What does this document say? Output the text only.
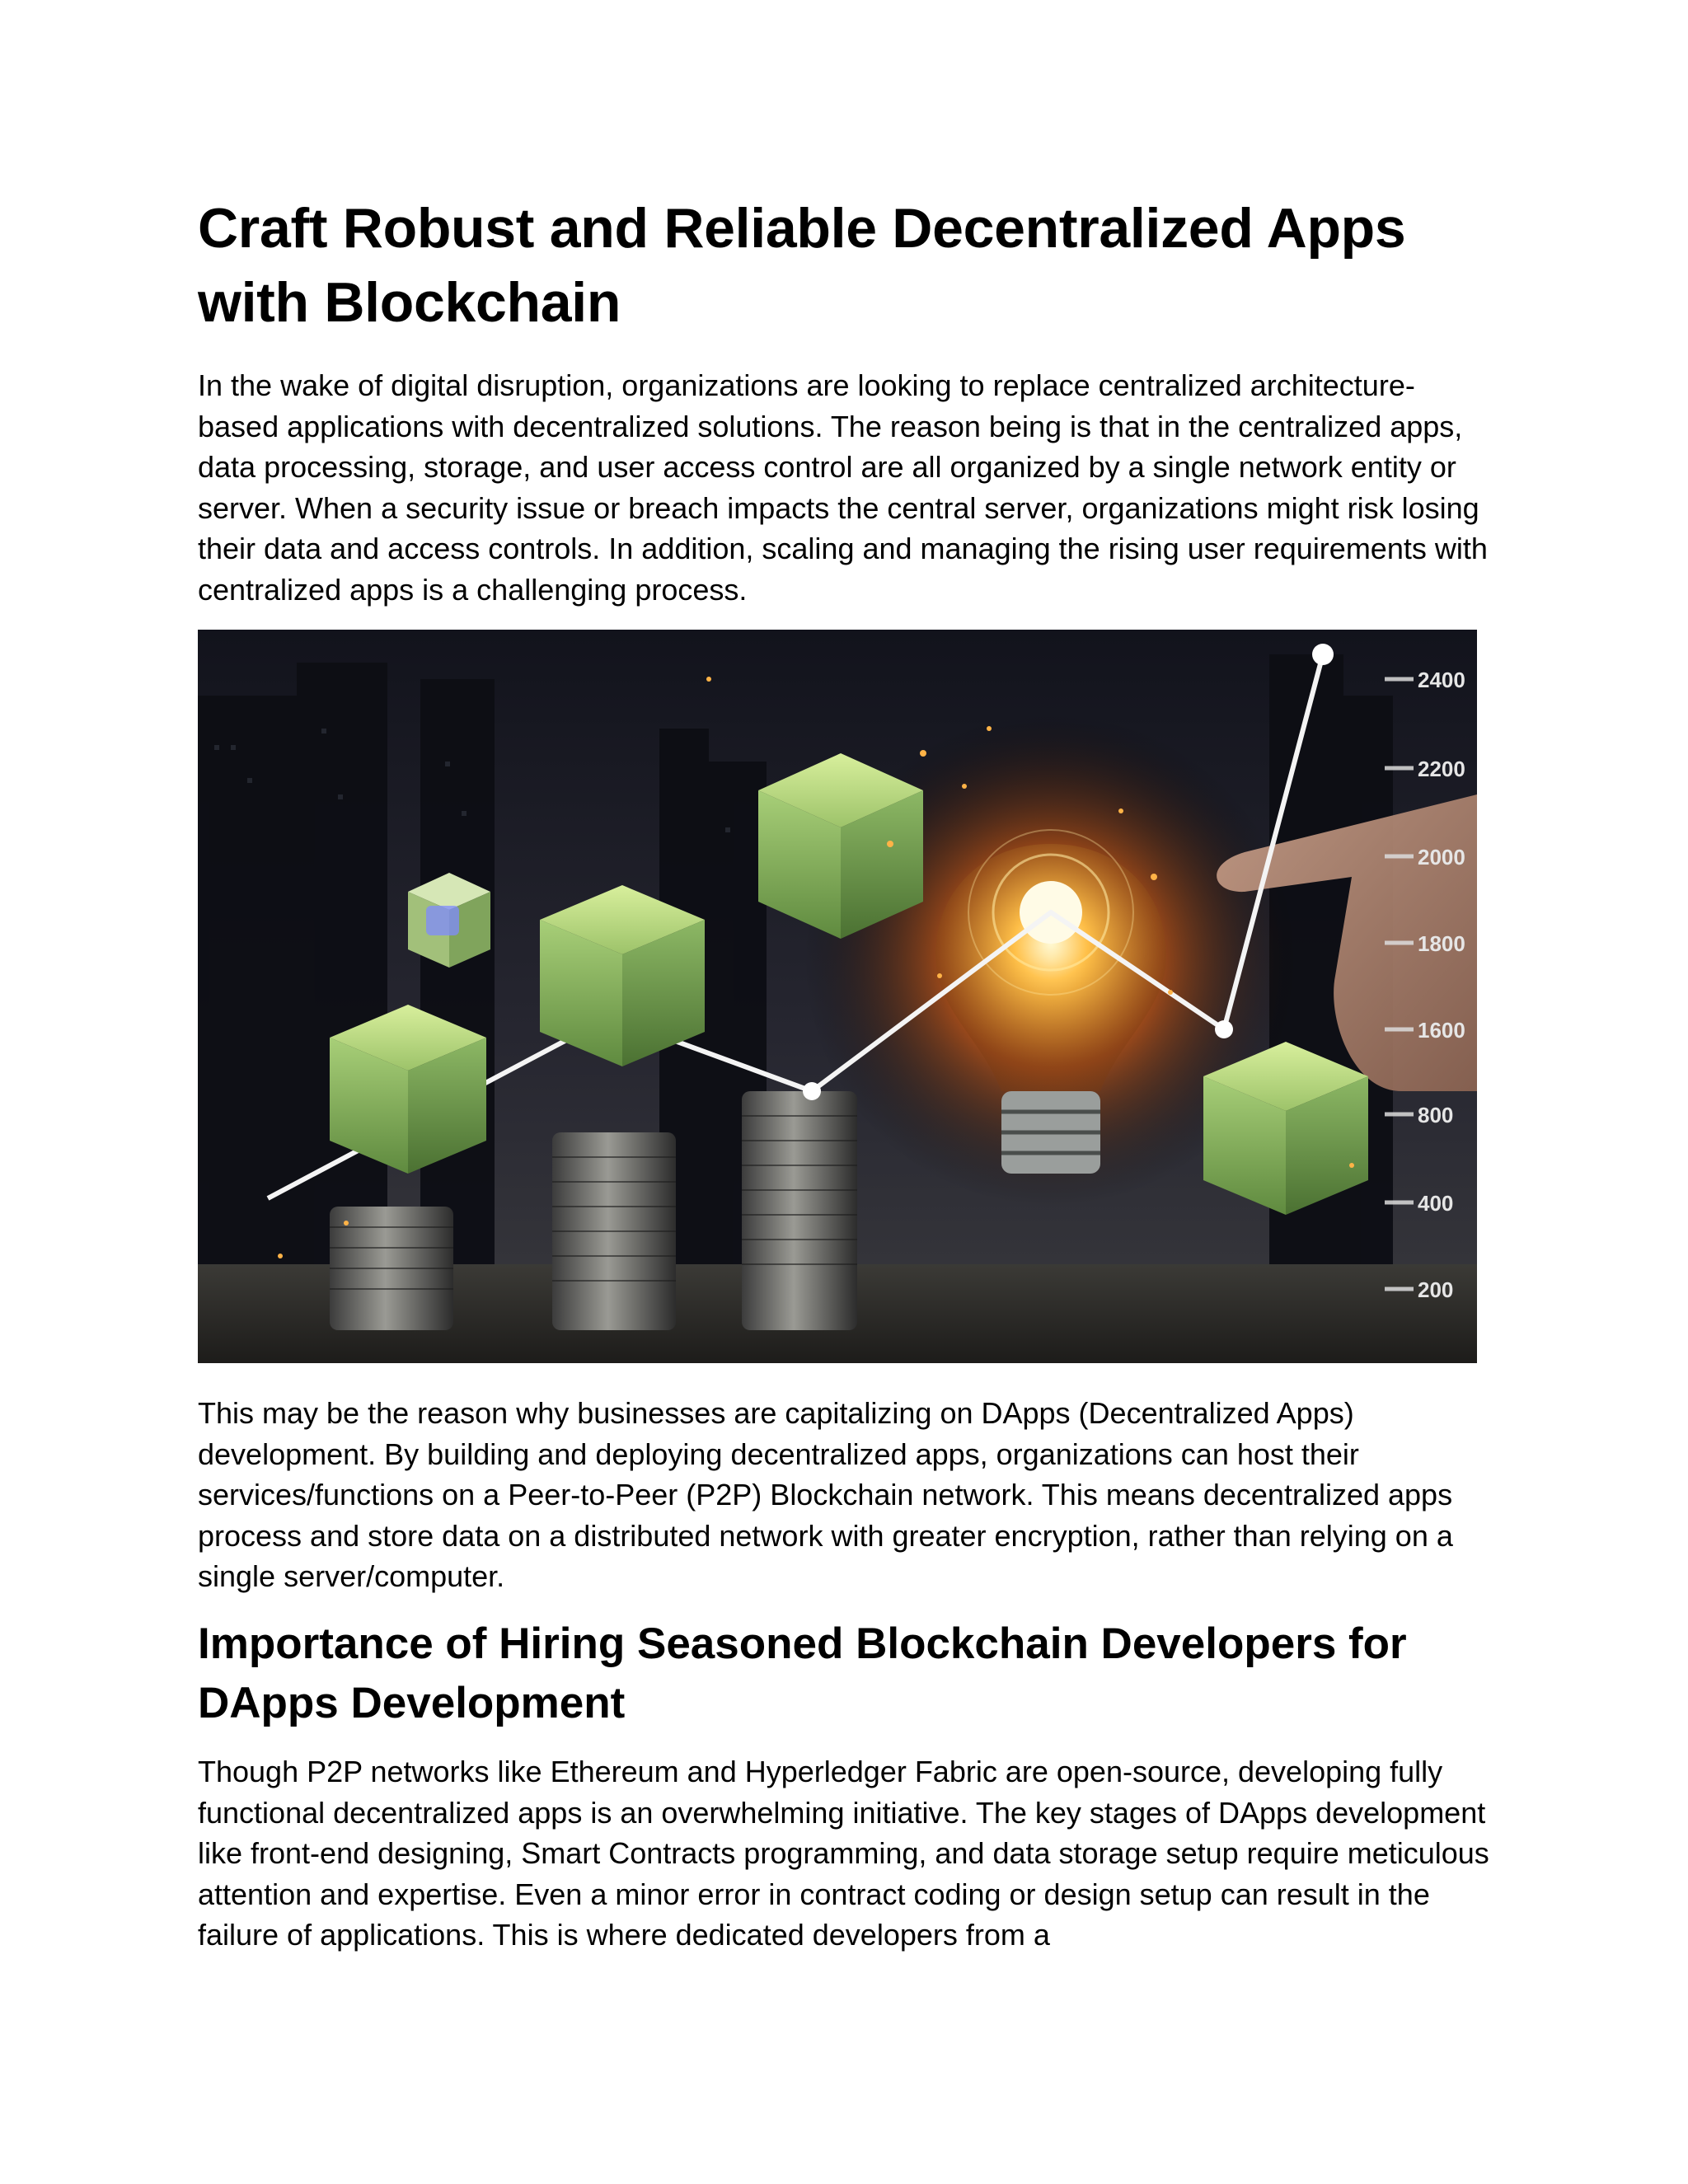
Craft Robust and Reliable Decentralized Apps with Blockchain

In the wake of digital disruption, organizations are looking to replace centralized architecture-based applications with decentralized solutions. The reason being is that in the centralized apps, data processing, storage, and user access control are all organized by a single network entity or server. When a security issue or breach impacts the central server, organizations might risk losing their data and access controls. In addition, scaling and managing the rising user requirements with centralized apps is a challenging process.

2400
2200
2000
1800
1600
800
400
200

This may be the reason why businesses are capitalizing on DApps (Decentralized Apps) development. By building and deploying decentralized apps, organizations can host their services/functions on a Peer-to-Peer (P2P) Blockchain network. This means decentralized apps process and store data on a distributed network with greater encryption, rather than relying on a single server/computer.

Importance of Hiring Seasoned Blockchain Developers for DApps Development

Though P2P networks like Ethereum and Hyperledger Fabric are open-source, developing fully functional decentralized apps is an overwhelming initiative. The key stages of DApps development like front-end designing, Smart Contracts programming, and data storage setup require meticulous attention and expertise. Even a minor error in contract coding or design setup can result in the failure of applications. This is where dedicated developers from a
